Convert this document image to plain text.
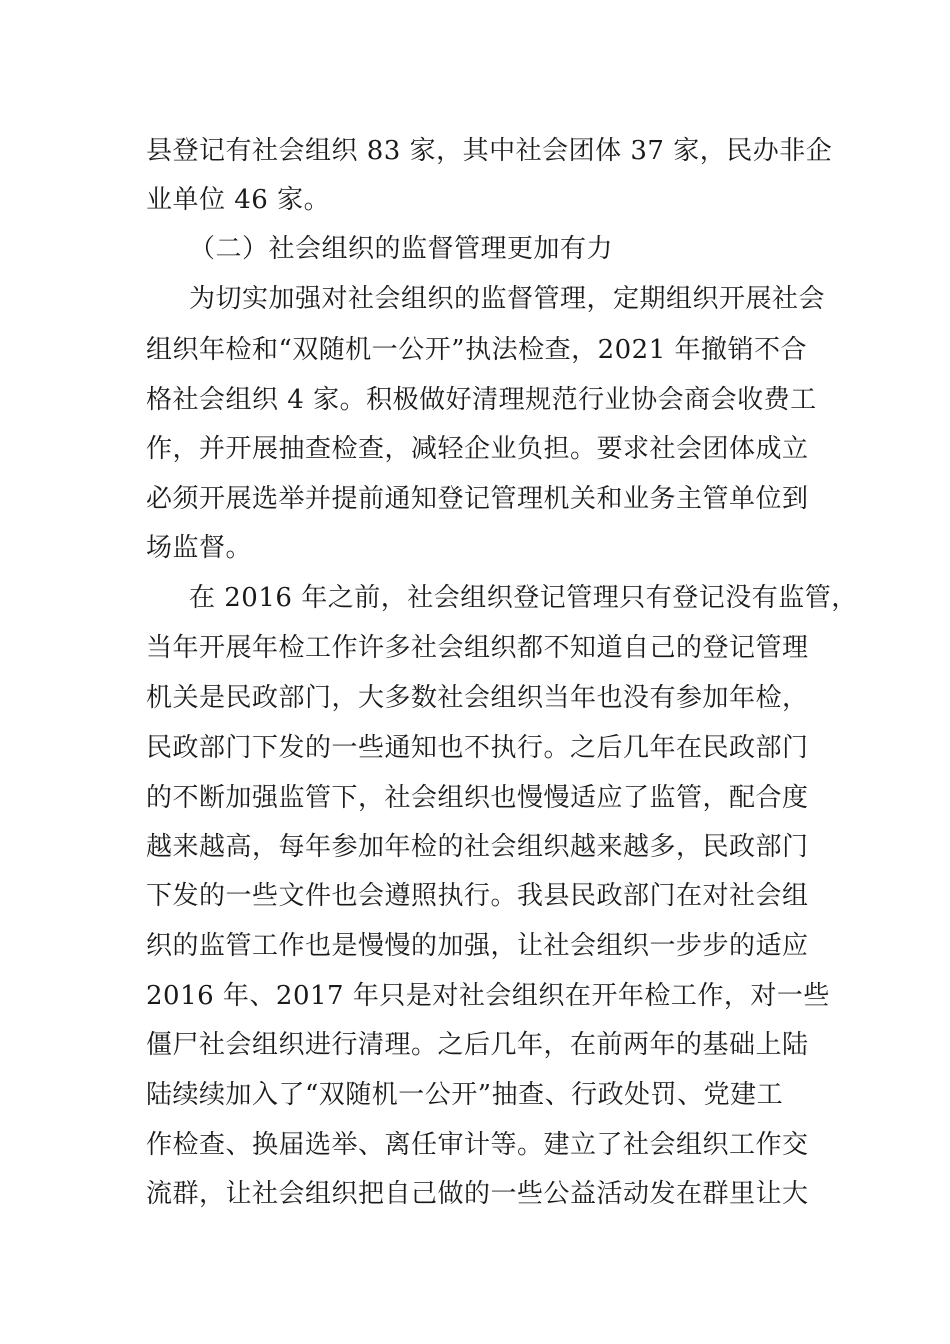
县登记有社会组织 83 家，其中社会团体 37 家，民办非企
业单位 46 家。
（二）社会组织的监督管理更加有力
为切实加强对社会组织的监督管理，定期组织开展社会
组织年检和“双随机一公开”执法检查，2021 年撤销不合
格社会组织 4 家。积极做好清理规范行业协会商会收费工
作，并开展抽查检查，减轻企业负担。要求社会团体成立
必须开展选举并提前通知登记管理机关和业务主管单位到
场监督。
在 2016 年之前，社会组织登记管理只有登记没有监管，
当年开展年检工作许多社会组织都不知道自己的登记管理
机关是民政部门，大多数社会组织当年也没有参加年检，
民政部门下发的一些通知也不执行。之后几年在民政部门
的不断加强监管下，社会组织也慢慢适应了监管，配合度
越来越高，每年参加年检的社会组织越来越多，民政部门
下发的一些文件也会遵照执行。我县民政部门在对社会组
织的监管工作也是慢慢的加强，让社会组织一步步的适应
2016 年、2017 年只是对社会组织在开年检工作，对一些
僵尸社会组织进行清理。之后几年，在前两年的基础上陆
陆续续加入了“双随机一公开”抽查、行政处罚、党建工
作检查、换届选举、离任审计等。建立了社会组织工作交
流群，让社会组织把自己做的一些公益活动发在群里让大
